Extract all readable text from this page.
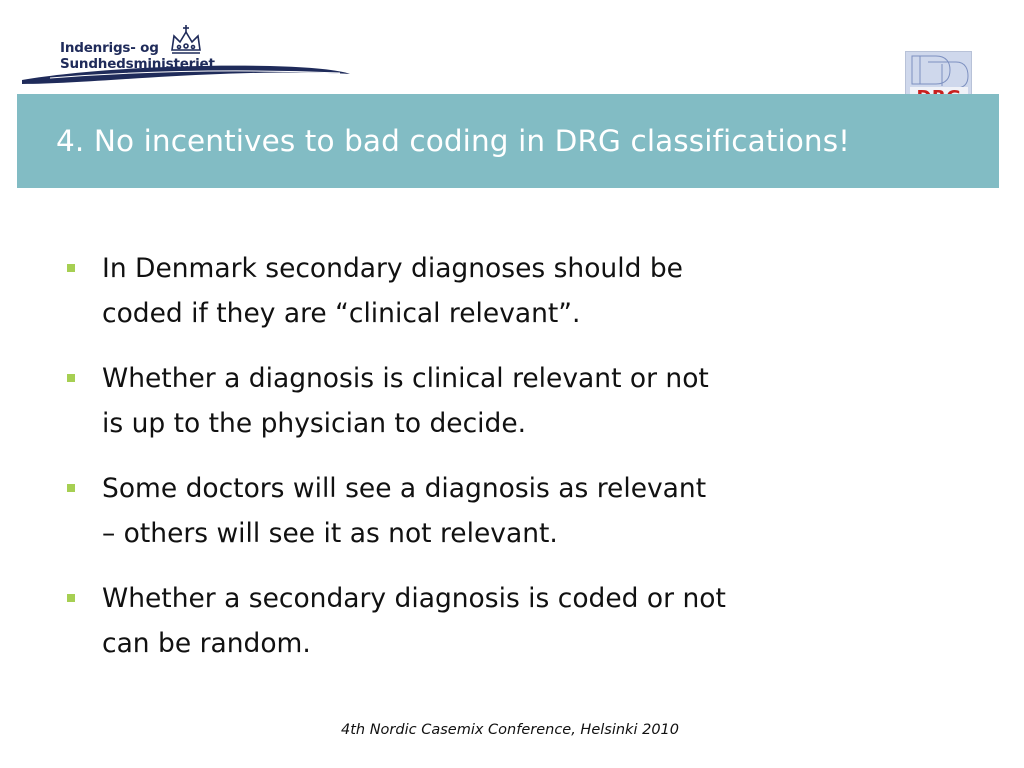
Indenrigs- og
Sundhedsministeriet
4. No incentives to bad coding in DRG classifications!
In Denmark secondary diagnoses should be
coded if they are “clinical relevant”.
Whether a diagnosis is clinical relevant or not
is up to the physician to decide.
Some doctors will see a diagnosis as relevant
– others will see it as not relevant.
Whether a secondary diagnosis is coded or not
can be random.
4th Nordic Casemix Conference, Helsinki 2010
